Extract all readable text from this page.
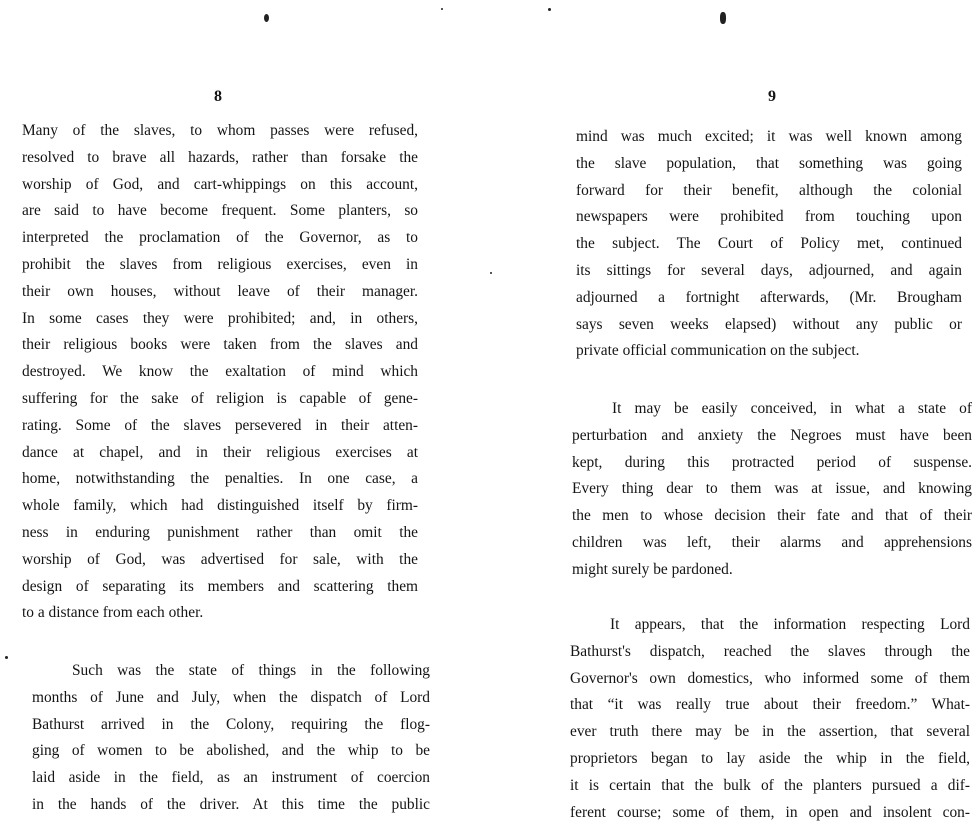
8
Many of the slaves, to whom passes were refused,
resolved to brave all hazards, rather than forsake the
worship of God, and cart-whippings on this account,
are said to have become frequent. Some planters, so
interpreted the proclamation of the Governor, as to
prohibit the slaves from religious exercises, even in
their own houses, without leave of their manager.
In some cases they were prohibited; and, in others,
their religious books were taken from the slaves and
destroyed. We know the exaltation of mind which
suffering for the sake of religion is capable of gene-
rating. Some of the slaves persevered in their atten-
dance at chapel, and in their religious exercises at
home, notwithstanding the penalties. In one case, a
whole family, which had distinguished itself by firm-
ness in enduring punishment rather than omit the
worship of God, was advertised for sale, with the
design of separating its members and scattering them
to a distance from each other.
Such was the state of things in the following
months of June and July, when the dispatch of Lord
Bathurst arrived in the Colony, requiring the flog-
ging of women to be abolished, and the whip to be
laid aside in the field, as an instrument of coercion
in the hands of the driver. At this time the public
9
mind was much excited; it was well known among
the slave population, that something was going
forward for their benefit, although the colonial
newspapers were prohibited from touching upon
the subject. The Court of Policy met, continued
its sittings for several days, adjourned, and again
adjourned a fortnight afterwards, (Mr. Brougham
says seven weeks elapsed) without any public or
private official communication on the subject.
It may be easily conceived, in what a state of
perturbation and anxiety the Negroes must have been
kept, during this protracted period of suspense.
Every thing dear to them was at issue, and knowing
the men to whose decision their fate and that of their
children was left, their alarms and apprehensions
might surely be pardoned.
It appears, that the information respecting Lord
Bathurst's dispatch, reached the slaves through the
Governor's own domestics, who informed some of them
that “it was really true about their freedom.” What-
ever truth there may be in the assertion, that several
proprietors began to lay aside the whip in the field,
it is certain that the bulk of the planters pursued a dif-
ferent course; some of them, in open and insolent con-
